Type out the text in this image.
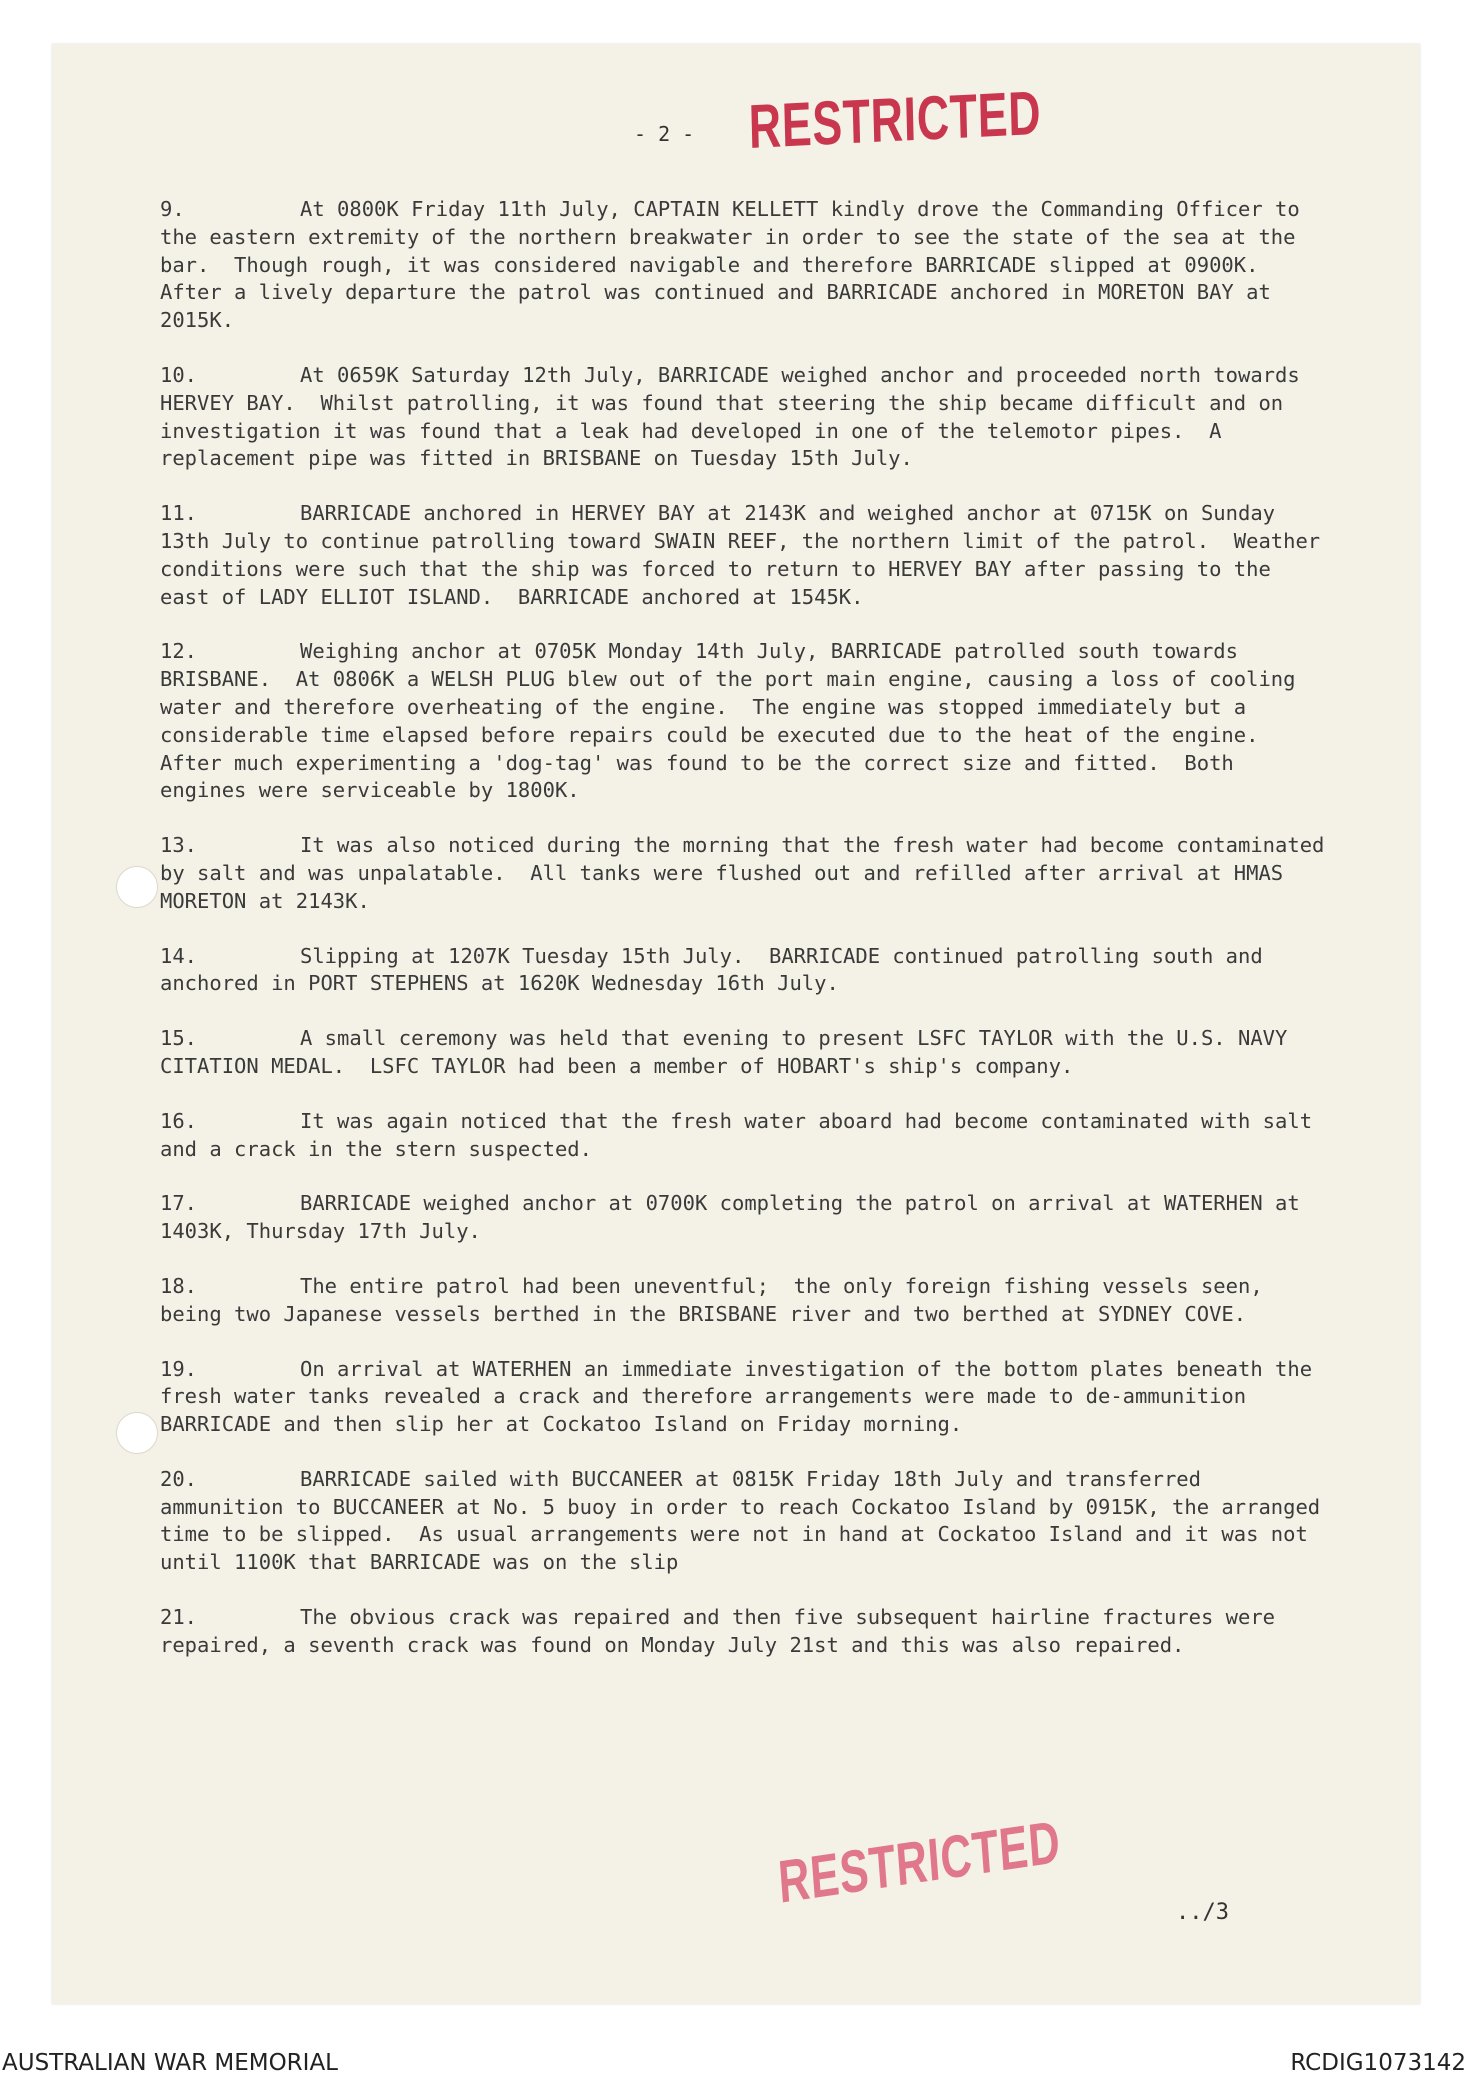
- 2 - RESTRICTED
9.	At 0800K Friday 11th July, CAPTAIN KELLETT kindly drove the Commanding Officer to the eastern extremity of the northern breakwater in order to see the state of the sea at the bar.  Though rough, it was considered navigable and therefore BARRICADE slipped at 0900K.  After a lively departure the patrol was continued and BARRICADE anchored in MORETON BAY at 2015K.
10.	At 0659K Saturday 12th July, BARRICADE weighed anchor and proceeded north towards HERVEY BAY.  Whilst patrolling, it was found that steering the ship became difficult and on investigation it was found that a leak had developed in one of the telemotor pipes.  A replacement pipe was fitted in BRISBANE on Tuesday 15th July.
11.	BARRICADE anchored in HERVEY BAY at 2143K and weighed anchor at 0715K on Sunday 13th July to continue patrolling toward SWAIN REEF, the northern limit of the patrol.  Weather conditions were such that the ship was forced to return to HERVEY BAY after passing to the east of LADY ELLIOT ISLAND.  BARRICADE anchored at 1545K.
12.	Weighing anchor at 0705K Monday 14th July, BARRICADE patrolled south towards BRISBANE.  At 0806K a WELSH PLUG blew out of the port main engine, causing a loss of cooling water and therefore overheating of the engine.  The engine was stopped immediately but a considerable time elapsed before repairs could be executed due to the heat of the engine.  After much experimenting a 'dog-tag' was found to be the correct size and fitted.  Both engines were serviceable by 1800K.
13.	It was also noticed during the morning that the fresh water had become contaminated by salt and was unpalatable.  All tanks were flushed out and refilled after arrival at HMAS MORETON at 2143K.
14.	Slipping at 1207K Tuesday 15th July.  BARRICADE continued patrolling south and anchored in PORT STEPHENS at 1620K Wednesday 16th July.
15.	A small ceremony was held that evening to present LSFC TAYLOR with the U.S. NAVY CITATION MEDAL.  LSFC TAYLOR had been a member of HOBART's ship's company.
16.	It was again noticed that the fresh water aboard had become contaminated with salt and a crack in the stern suspected.
17.	BARRICADE weighed anchor at 0700K completing the patrol on arrival at WATERHEN at 1403K, Thursday 17th July.
18.	The entire patrol had been uneventful;  the only foreign fishing vessels seen, being two Japanese vessels berthed in the BRISBANE river and two berthed at SYDNEY COVE.
19.	On arrival at WATERHEN an immediate investigation of the bottom plates beneath the fresh water tanks revealed a crack and therefore arrangements were made to de-ammunition BARRICADE and then slip her at Cockatoo Island on Friday morning.
20.	BARRICADE sailed with BUCCANEER at 0815K Friday 18th July and transferred ammunition to BUCCANEER at No. 5 buoy in order to reach Cockatoo Island by 0915K, the arranged time to be slipped.  As usual arrangements were not in hand at Cockatoo Island and it was not until 1100K that BARRICADE was on the slip
21.	The obvious crack was repaired and then five subsequent hairline fractures were repaired, a seventh crack was found on Monday July 21st and this was also repaired.
RESTRICTED	../3
AUSTRALIAN WAR MEMORIAL	RCDIG1073142
